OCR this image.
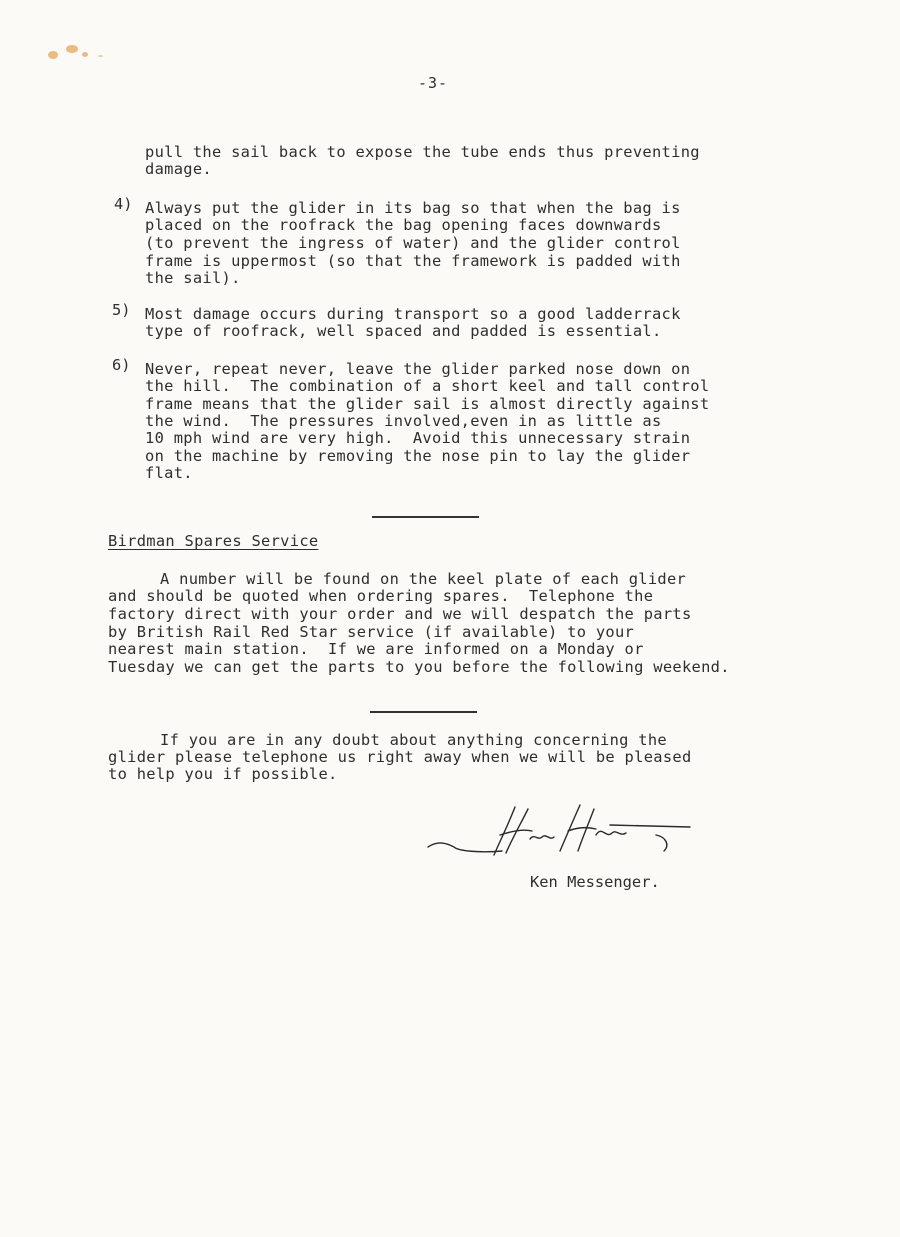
-3-
pull the sail back to expose the tube ends thus preventing
damage.
4) Always put the glider in its bag so that when the bag is
placed on the roofrack the bag opening faces downwards
(to prevent the ingress of water) and the glider control
frame is uppermost (so that the framework is padded with
the sail).
5) Most damage occurs during transport so a good ladderrack
type of roofrack, well spaced and padded is essential.
6) Never, repeat never, leave the glider parked nose down on
the hill.  The combination of a short keel and tall control
frame means that the glider sail is almost directly against
the wind.  The pressures involved,even in as little as
10 mph wind are very high.  Avoid this unnecessary strain
on the machine by removing the nose pin to lay the glider
flat.
Birdman Spares Service
A number will be found on the keel plate of each glider
and should be quoted when ordering spares.  Telephone the
factory direct with your order and we will despatch the parts
by British Rail Red Star service (if available) to your
nearest main station.  If we are informed on a Monday or
Tuesday we can get the parts to you before the following weekend.
If you are in any doubt about anything concerning the
glider please telephone us right away when we will be pleased
to help you if possible.
Ken Messenger.
